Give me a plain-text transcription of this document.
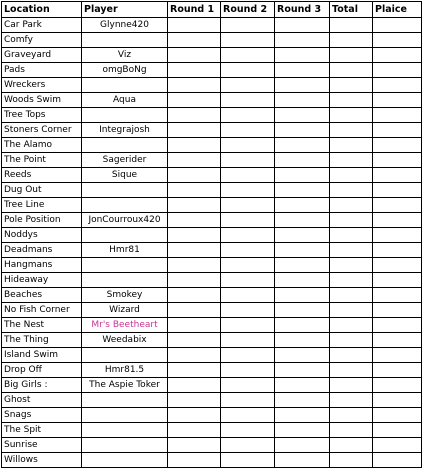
Location	Player	Round 1	Round 2	Round 3	Total	Plaice
Car Park	Glynne420					
Comfy						
Graveyard	Viz					
Pads	omgBoNg					
Wreckers						
Woods Swim	Aqua					
Tree Tops						
Stoners Corner	Integrajosh					
The Alamo						
The Point	Sagerider					
Reeds	Sique					
Dug Out						
Tree Line						
Pole Position	JonCourroux420					
Noddys						
Deadmans	Hmr81					
Hangmans						
Hideaway						
Beaches	Smokey					
No Fish Corner	Wizard					
The Nest	Mr's Beetheart					
The Thing	Weedabix					
Island Swim						
Drop Off	Hmr81.5					
Big Girls :	The Aspie Toker					
Ghost						
Snags						
The Spit						
Sunrise						
Willows						
